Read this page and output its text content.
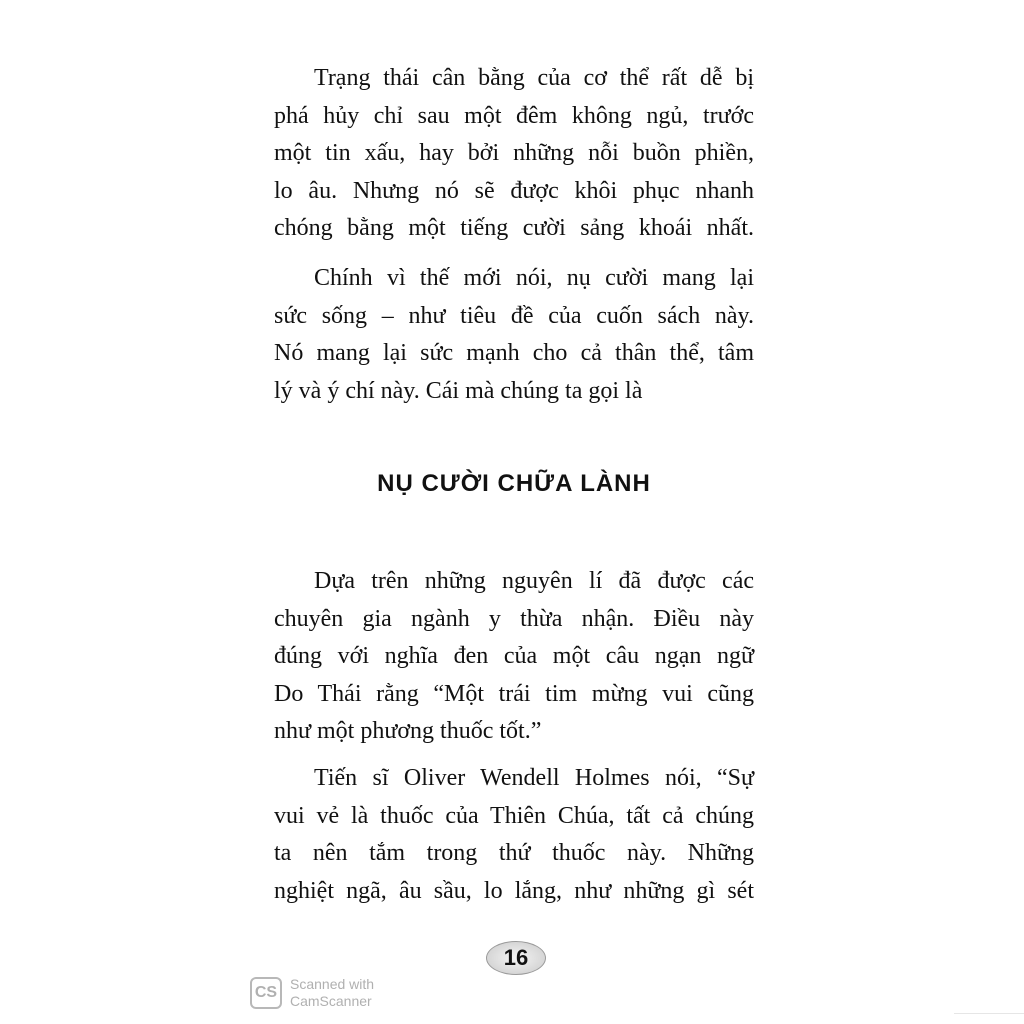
Trạng thái cân bằng của cơ thể rất dễ bị
phá hủy chỉ sau một đêm không ngủ, trước
một tin xấu, hay bởi những nỗi buồn phiền,
lo âu. Nhưng nó sẽ được khôi phục nhanh
chóng bằng một tiếng cười sảng khoái nhất.

Chính vì thế mới nói, nụ cười mang lại
sức sống – như tiêu đề của cuốn sách này.
Nó mang lại sức mạnh cho cả thân thể, tâm
lý và ý chí này. Cái mà chúng ta gọi là

NỤ CƯỜI CHỮA LÀNH

Dựa trên những nguyên lí đã được các
chuyên gia ngành y thừa nhận. Điều này
đúng với nghĩa đen của một câu ngạn ngữ
Do Thái rằng “Một trái tim mừng vui cũng
như một phương thuốc tốt.”

Tiến sĩ Oliver Wendell Holmes nói, “Sự
vui vẻ là thuốc của Thiên Chúa, tất cả chúng
ta nên tắm trong thứ thuốc này. Những
nghiệt ngã, âu sầu, lo lắng, như những gì sét

16
CS Scanned with
CamScanner
